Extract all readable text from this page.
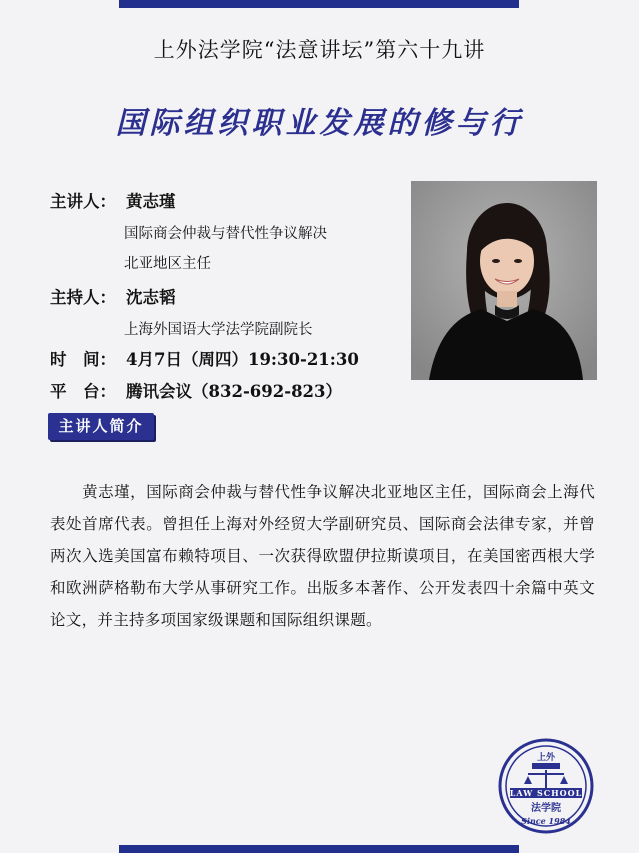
上外法学院“法意讲坛”第六十九讲
国际组织职业发展的修与行
主讲人： 黄志瑾
国际商会仲裁与替代性争议解决
北亚地区主任
主持人： 沈志韬
上海外国语大学法学院副院长
时　间： 4月7日（周四）19:30-21:30
平　台： 腾讯会议（832-692-823）
主讲人简介
　　黄志瑾，国际商会仲裁与替代性争议解决北亚地区主任，国际商会上海代表处首席代表。曾担任上海对外经贸大学副研究员、国际商会法律专家，并曾两次入选美国富布赖特项目、一次获得欧盟伊拉斯谟项目，在美国密西根大学和欧洲萨格勒布大学从事研究工作。出版多本著作、公开发表四十余篇中英文论文，并主持多项国家级课题和国际组织课题。
上外
LAW SCHOOL
法学院
Since 1984
